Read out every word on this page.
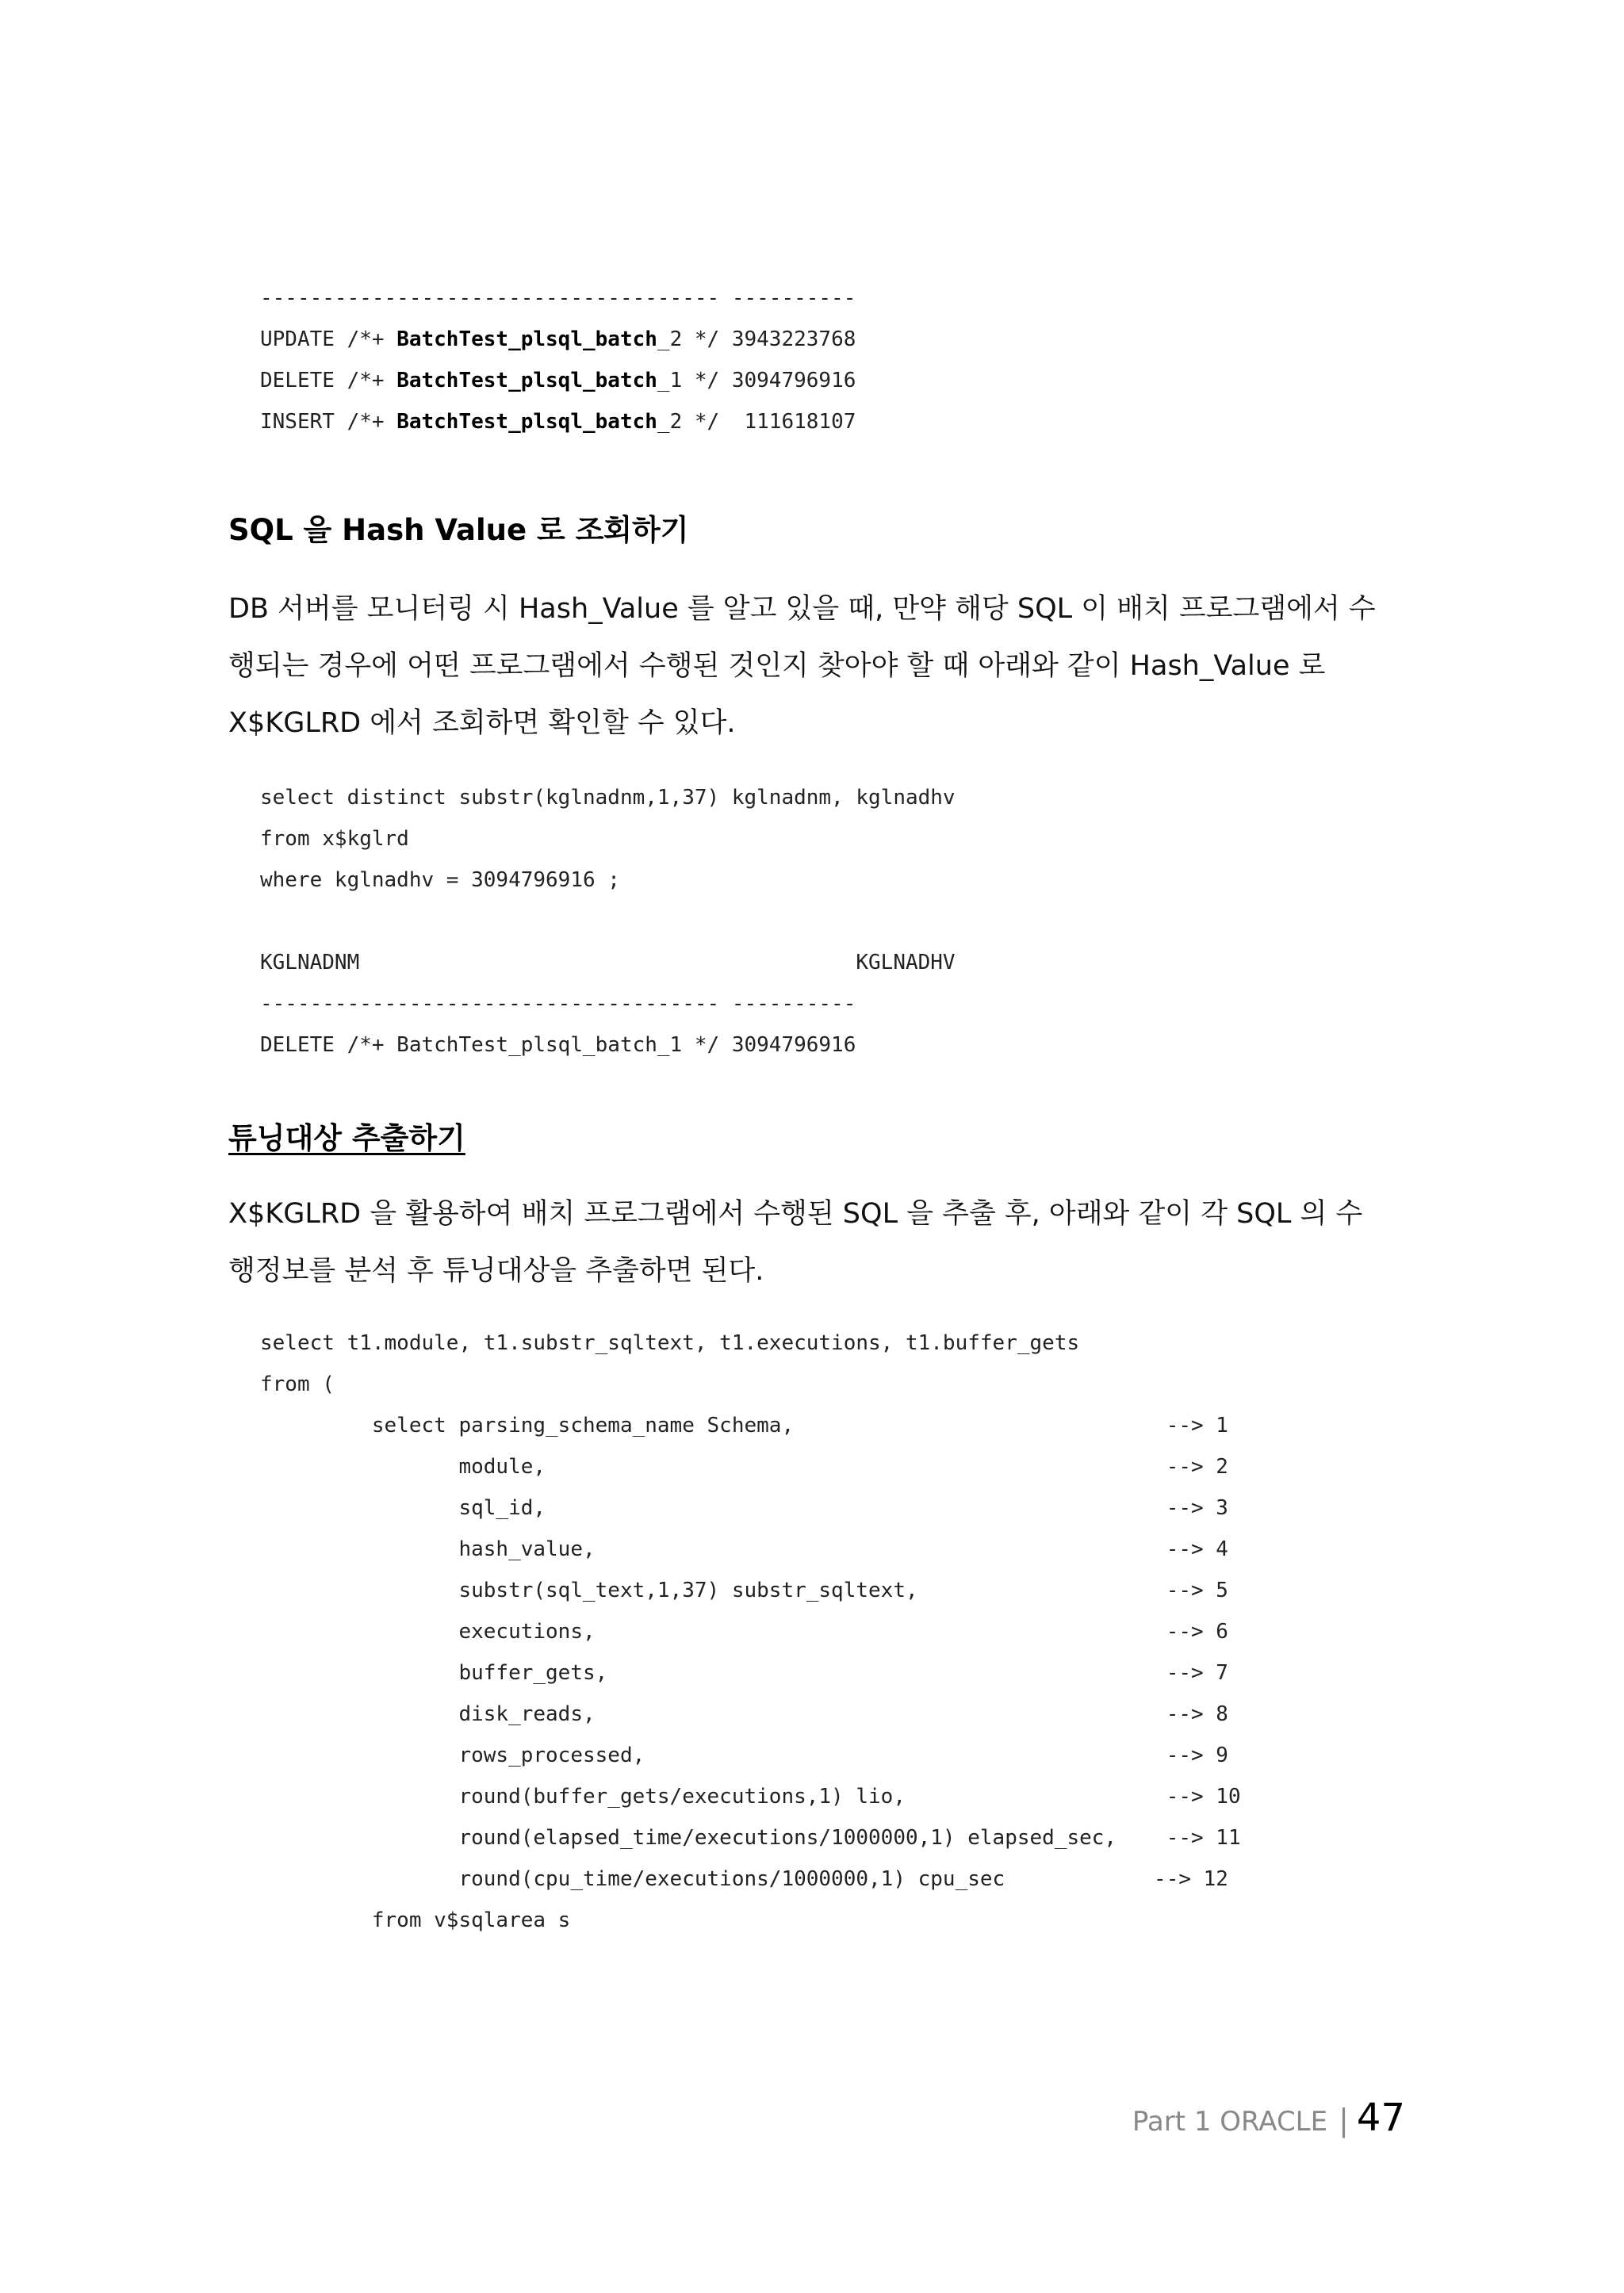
------------------------------------- ----------
UPDATE /*+ BatchTest_plsql_batch_2 */ 3943223768
DELETE /*+ BatchTest_plsql_batch_1 */ 3094796916
INSERT /*+ BatchTest_plsql_batch_2 */  111618107
SQL 을 Hash Value 로 조회하기
DB 서버를 모니터링 시 Hash_Value 를 알고 있을 때, 만약 해당 SQL 이 배치 프로그램에서 수
행되는 경우에 어떤 프로그램에서 수행된 것인지 찾아야 할 때 아래와 같이 Hash_Value 로
X$KGLRD 에서 조회하면 확인할 수 있다.
select distinct substr(kglnadnm,1,37) kglnadnm, kglnadhv
from x$kglrd
where kglnadhv = 3094796916 ;
KGLNADNM                                        KGLNADHV
------------------------------------- ----------
DELETE /*+ BatchTest_plsql_batch_1 */ 3094796916
튜닝대상 추출하기
X$KGLRD 을 활용하여 배치 프로그램에서 수행된 SQL 을 추출 후, 아래와 같이 각 SQL 의 수
행정보를 분석 후 튜닝대상을 추출하면 된다.
select t1.module, t1.substr_sqltext, t1.executions, t1.buffer_gets
from (
select parsing_schema_name Schema,                              --> 1
module,                                                  --> 2
sql_id,                                                  --> 3
hash_value,                                              --> 4
substr(sql_text,1,37) substr_sqltext,                    --> 5
executions,                                              --> 6
buffer_gets,                                             --> 7
disk_reads,                                              --> 8
rows_processed,                                          --> 9
round(buffer_gets/executions,1) lio,                     --> 10
round(elapsed_time/executions/1000000,1) elapsed_sec,    --> 11
round(cpu_time/executions/1000000,1) cpu_sec            --> 12
from v$sqlarea s
Part 1 ORACLE | 47
